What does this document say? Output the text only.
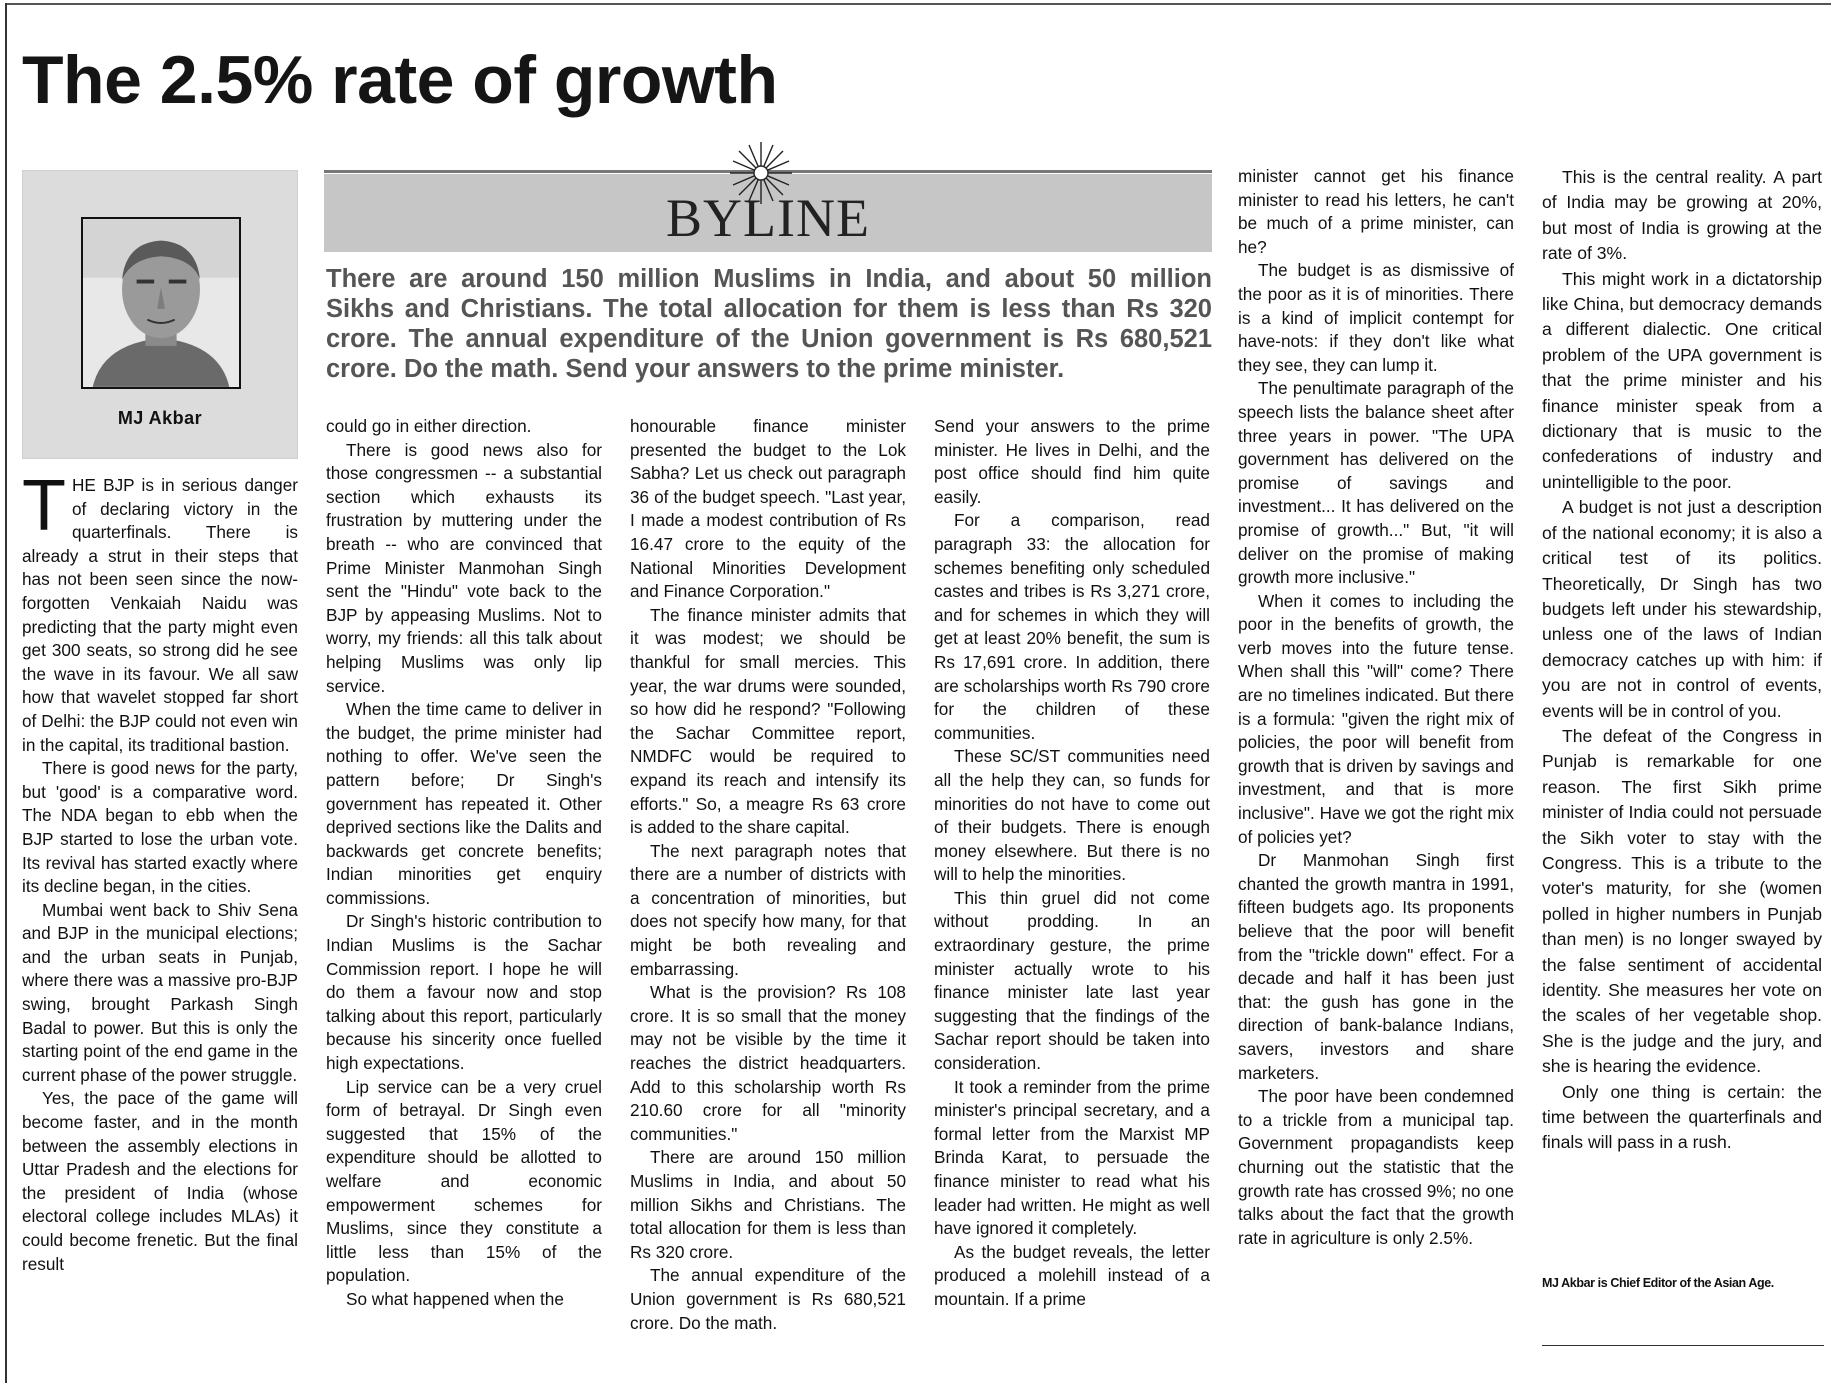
The 2.5% rate of growth
MJ Akbar
BYLINE

There are around 150 million Muslims in India, and about 50 million Sikhs and Christians. The total allocation for them is less than Rs 320 crore. The annual expenditure of the Union government is Rs 680,521 crore. Do the math. Send your answers to the prime minister.

THE BJP is in serious danger of declaring victory in the quarterfinals. There is already a strut in their steps that has not been seen since the now-forgotten Venkaiah Naidu was predicting that the party might even get 300 seats, so strong did he see the wave in its favour. We all saw how that wavelet stopped far short of Delhi: the BJP could not even win in the capital, its traditional bastion.

There is good news for the party, but 'good' is a comparative word. The NDA began to ebb when the BJP started to lose the urban vote. Its revival has started exactly where its decline began, in the cities.

Mumbai went back to Shiv Sena and BJP in the municipal elections; and the urban seats in Punjab, where there was a massive pro-BJP swing, brought Parkash Singh Badal to power. But this is only the starting point of the end game in the current phase of the power struggle.

Yes, the pace of the game will become faster, and in the month between the assembly elections in Uttar Pradesh and the elections for the president of India (whose electoral college includes MLAs) it could become frenetic. But the final result

could go in either direction.

There is good news also for those congressmen -- a substantial section which exhausts its frustration by muttering under the breath -- who are convinced that Prime Minister Manmohan Singh sent the "Hindu" vote back to the BJP by appeasing Muslims. Not to worry, my friends: all this talk about helping Muslims was only lip service.

When the time came to deliver in the budget, the prime minister had nothing to offer. We've seen the pattern before; Dr Singh's government has repeated it. Other deprived sections like the Dalits and backwards get concrete benefits; Indian minorities get enquiry commissions.

Dr Singh's historic contribution to Indian Muslims is the Sachar Commission report. I hope he will do them a favour now and stop talking about this report, particularly because his sincerity once fuelled high expectations.

Lip service can be a very cruel form of betrayal. Dr Singh even suggested that 15% of the expenditure should be allotted to welfare and economic empowerment schemes for Muslims, since they constitute a little less than 15% of the population.

So what happened when the

honourable finance minister presented the budget to the Lok Sabha? Let us check out paragraph 36 of the budget speech. "Last year, I made a modest contribution of Rs 16.47 crore to the equity of the National Minorities Development and Finance Corporation."

The finance minister admits that it was modest; we should be thankful for small mercies. This year, the war drums were sounded, so how did he respond? "Following the Sachar Committee report, NMDFC would be required to expand its reach and intensify its efforts." So, a meagre Rs 63 crore is added to the share capital.

The next paragraph notes that there are a number of districts with a concentration of minorities, but does not specify how many, for that might be both revealing and embarrassing.

What is the provision? Rs 108 crore. It is so small that the money may not be visible by the time it reaches the district headquarters. Add to this scholarship worth Rs 210.60 crore for all "minority communities."

There are around 150 million Muslims in India, and about 50 million Sikhs and Christians. The total allocation for them is less than Rs 320 crore.

The annual expenditure of the Union government is Rs 680,521 crore. Do the math.

Send your answers to the prime minister. He lives in Delhi, and the post office should find him quite easily.

For a comparison, read paragraph 33: the allocation for schemes benefiting only scheduled castes and tribes is Rs 3,271 crore, and for schemes in which they will get at least 20% benefit, the sum is Rs 17,691 crore. In addition, there are scholarships worth Rs 790 crore for the children of these communities.

These SC/ST communities need all the help they can, so funds for minorities do not have to come out of their budgets. There is enough money elsewhere. But there is no will to help the minorities.

This thin gruel did not come without prodding. In an extraordinary gesture, the prime minister actually wrote to his finance minister late last year suggesting that the findings of the Sachar report should be taken into consideration.

It took a reminder from the prime minister's principal secretary, and a formal letter from the Marxist MP Brinda Karat, to persuade the finance minister to read what his leader had written. He might as well have ignored it completely.

As the budget reveals, the letter produced a molehill instead of a mountain. If a prime

minister cannot get his finance minister to read his letters, he can't be much of a prime minister, can he?

The budget is as dismissive of the poor as it is of minorities. There is a kind of implicit contempt for have-nots: if they don't like what they see, they can lump it.

The penultimate paragraph of the speech lists the balance sheet after three years in power. "The UPA government has delivered on the promise of savings and investment... It has delivered on the promise of growth..." But, "it will deliver on the promise of making growth more inclusive."

When it comes to including the poor in the benefits of growth, the verb moves into the future tense. When shall this "will" come? There are no timelines indicated. But there is a formula: "given the right mix of policies, the poor will benefit from growth that is driven by savings and investment, and that is more inclusive". Have we got the right mix of policies yet?

Dr Manmohan Singh first chanted the growth mantra in 1991, fifteen budgets ago. Its proponents believe that the poor will benefit from the "trickle down" effect. For a decade and half it has been just that: the gush has gone in the direction of bank-balance Indians, savers, investors and share marketers.

The poor have been condemned to a trickle from a municipal tap. Government propagandists keep churning out the statistic that the growth rate has crossed 9%; no one talks about the fact that the growth rate in agriculture is only 2.5%.

This is the central reality. A part of India may be growing at 20%, but most of India is growing at the rate of 3%.

This might work in a dictatorship like China, but democracy demands a different dialectic. One critical problem of the UPA government is that the prime minister and his finance minister speak from a dictionary that is music to the confederations of industry and unintelligible to the poor.

A budget is not just a description of the national economy; it is also a critical test of its politics. Theoretically, Dr Singh has two budgets left under his stewardship, unless one of the laws of Indian democracy catches up with him: if you are not in control of events, events will be in control of you.

The defeat of the Congress in Punjab is remarkable for one reason. The first Sikh prime minister of India could not persuade the Sikh voter to stay with the Congress. This is a tribute to the voter's maturity, for she (women polled in higher numbers in Punjab than men) is no longer swayed by the false sentiment of accidental identity. She measures her vote on the scales of her vegetable shop. She is the judge and the jury, and she is hearing the evidence.

Only one thing is certain: the time between the quarterfinals and finals will pass in a rush.

MJ Akbar is Chief Editor of the Asian Age.
